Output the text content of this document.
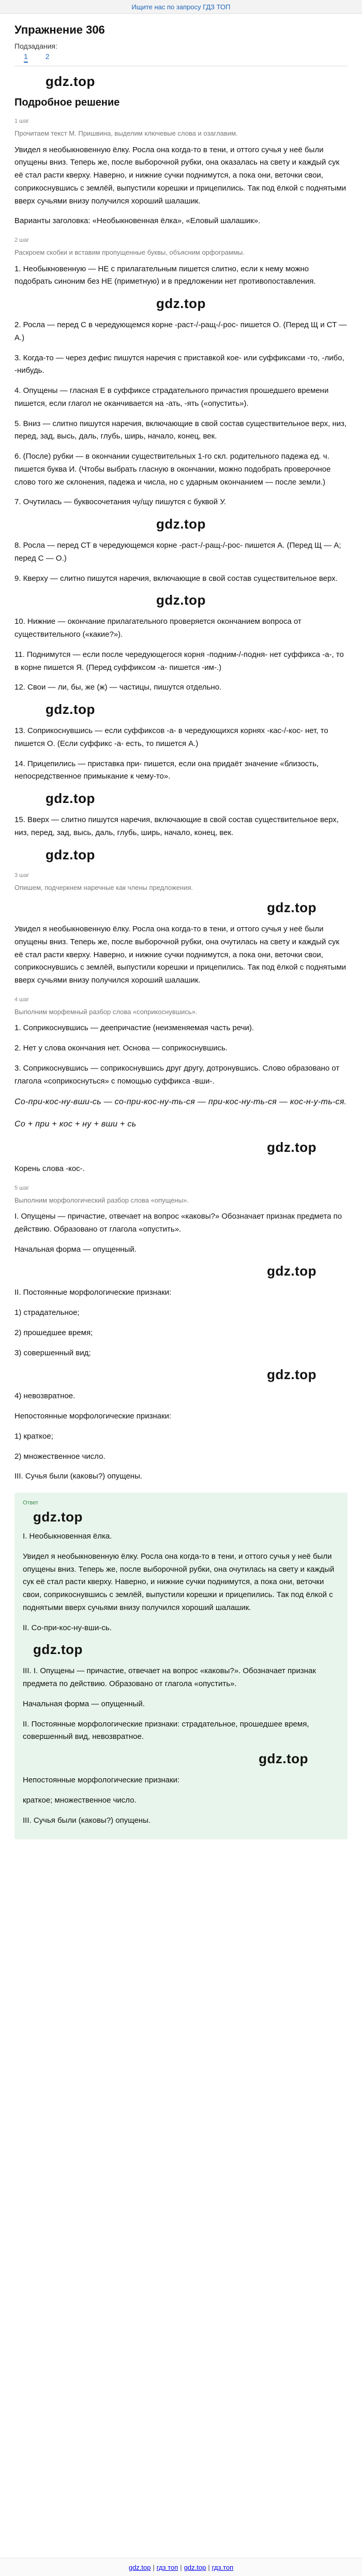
Ищите нас по запросу ГДЗ ТОП
Упражнение 306
Подзадания:
1 2
gdz.top
Подробное решение
1 шаг
Прочитаем текст М. Пришвина, выделим ключевые слова и озаглавим.

Увидел я необыкновенную ёлку. Росла она когда-то в тени, и оттого сучья у неё были опущены вниз. Теперь же, после выборочной рубки, она оказалась на свету и каждый сук её стал расти кверху. Наверно, и нижние сучки поднимутся, а пока они, веточки свои, соприкоснувшись с землёй, выпустили корешки и прицепились. Так под ёлкой с поднятыми вверх сучьями внизу получился хороший шалашик.

Варианты заголовка: «Необыкновенная ёлка», «Еловый шалашик».

2 шаг
Раскроем скобки и вставим пропущенные буквы, объясним орфограммы.

1. Необыкновенную — НЕ с прилагательным пишется слитно, если к нему можно подобрать синоним без НЕ (приметную) и в предложении нет противопоставления.

gdz.top

2. Росла — перед С в чередующемся корне -раст-/-ращ-/-рос- пишется О. (Перед Щ и СТ — А.)

3. Когда-то — через дефис пишутся наречия с приставкой кое- или суффиксами -то, -либо, -нибудь.

4. Опущены — гласная Е в суффиксе страдательного причастия прошедшего времени пишется, если глагол не оканчивается на -ать, -ять («опустить»).

5. Вниз — слитно пишутся наречия, включающие в свой состав существительное верх, низ, перед, зад, высь, даль, глубь, ширь, начало, конец, век.

6. (После) рубки — в окончании существительных 1-го скл. родительного падежа ед. ч. пишется буква И. (Чтобы выбрать гласную в окончании, можно подобрать проверочное слово того же склонения, падежа и числа, но с ударным окончанием — после земли.)

7. Очутилась — буквосочетания чу/щу пишутся с буквой У.

gdz.top

8. Росла — перед СТ в чередующемся корне -раст-/-ращ-/-рос- пишется А. (Перед Щ — А; перед С — О.)

9. Кверху — слитно пишутся наречия, включающие в свой состав существительное верх.

gdz.top

10. Нижние — окончание прилагательного проверяется окончанием вопроса от существительного («какие?»).

11. Поднимутся — если после чередующегося корня -подним-/-подня- нет суффикса -а-, то в корне пишется Я. (Перед суффиксом -а- пишется -им-.)

12. Свои — ли, бы, же (ж) — частицы, пишутся отдельно.

gdz.top

13. Соприкоснувшись — если суффиксов -а- в чередующихся корнях -кас-/-кос- нет, то пишется О. (Если суффикс -а- есть, то пишется А.)

14. Прицепились — приставка при- пишется, если она придаёт значение «близость, непосредственное примыкание к чему-то».

gdz.top

15. Вверх — слитно пишутся наречия, включающие в свой состав существительное верх, низ, перед, зад, высь, даль, глубь, ширь, начало, конец, век.

gdz.top
3 шаг
Опишем, подчеркнем наречные как члены предложения.
gdz.top

Увидел я необыкновенную ёлку. Росла она когда-то в тени, и оттого сучья у неё были опущены вниз. Теперь же, после выборочной рубки, она очутилась на свету и каждый сук её стал расти кверху. Наверно, и нижние сучки поднимутся, а пока они, веточки свои, соприкоснувшись с землёй, выпустили корешки и прицепились. Так под ёлкой с поднятыми вверх сучьями внизу получился хороший шалашик.

4 шаг
Выполним морфемный разбор слова «соприкоснувшись».

1. Соприкоснувшись — деепричастие (неизменяемая часть речи).

2. Нет у слова окончания нет. Основа — соприкоснувшись.

3. Соприкоснувшись — соприкоснувшись друг другу, дотронувшись. Слово образовано от глагола «соприкоснуться» с помощью суффикса -вши-.

Со-при-кос-ну-вши-сь — со-при-кос-ну-ть-ся — при-кос-ну-ть-ся — кос-н-у-ть-ся.
Со + при + кос + ну + вши + сь
gdz.top

Корень слова -кос-.

5 шаг
Выполним морфологический разбор слова «опущены».

I. Опущены — причастие, отвечает на вопрос «каковы?» Обозначает признак предмета по действию. Образовано от глагола «опустить».

Начальная форма — опущенный.

gdz.top

II. Постоянные морфологические признаки:

1) страдательное;

2) прошедшее время;

3) совершенный вид;

gdz.top

4) невозвратное.

Непостоянные морфологические признаки:

1) краткое;

2) множественное число.

III. Сучья были (каковы?) опущены.

Ответ
gdz.top

I. Необыкновенная ёлка.

Увидел я необыкновенную ёлку. Росла она когда-то в тени, и оттого сучья у неё были опущены вниз. Теперь же, после выборочной рубки, она очутилась на свету и каждый сук её стал расти кверху. Наверно, и нижние сучки поднимутся, а пока они, веточки свои, соприкоснувшись с землёй, выпустили корешки и прицепились. Так под ёлкой с поднятыми вверх сучьями внизу получился хороший шалашик.

II. Со-при-кос-ну-вши-сь.

gdz.top

III. I. Опущены — причастие, отвечает на вопрос «каковы?». Обозначает признак предмета по действию. Образовано от глагола «опустить».

Начальная форма — опущенный.

II. Постоянные морфологические признаки: страдательное, прошедшее время, совершенный вид, невозвратное.

gdz.top

Непостоянные морфологические признаки:

краткое; множественное число.

III. Сучья были (каковы?) опущены.

gdz.top | гдз топ | gdz.top | гдз.топ
